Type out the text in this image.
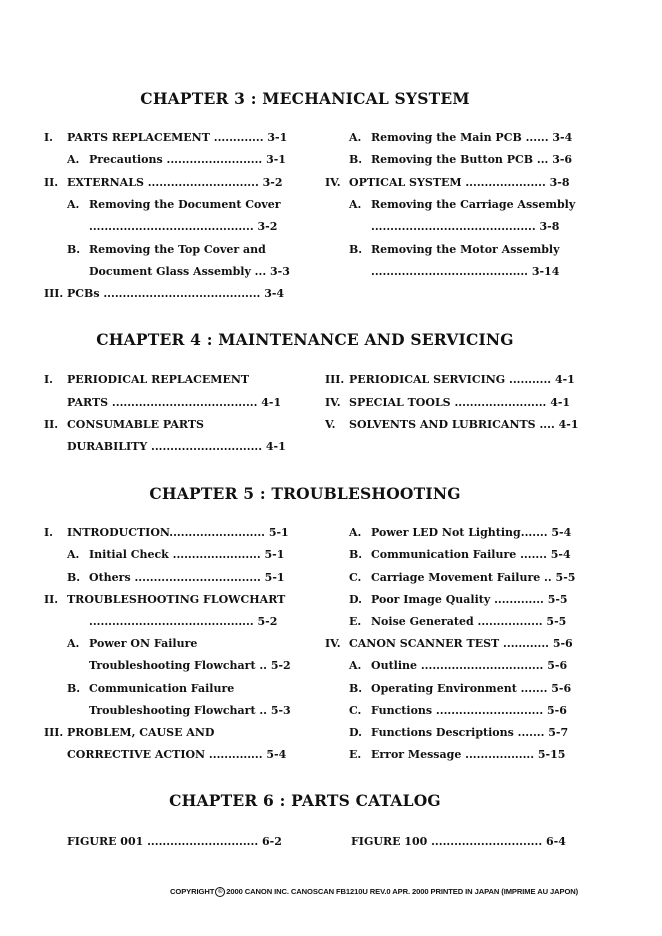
CHAPTER 3 : MECHANICAL SYSTEM
CHAPTER 4 : MAINTENANCE AND SERVICING
CHAPTER 5 : TROUBLESHOOTING
CHAPTER 6 : PARTS CATALOG
I. PARTS REPLACEMENT ............. 3-1
A. Precautions ......................... 3-1
II. EXTERNALS ............................. 3-2
A. Removing the Document Cover
........................................... 3-2
B. Removing the Top Cover and
Document Glass Assembly ... 3-3
III. PCBs ......................................... 3-4
A. Removing the Main PCB ...... 3-4
B. Removing the Button PCB ... 3-6
IV. OPTICAL SYSTEM ..................... 3-8
A. Removing the Carriage Assembly
........................................... 3-8
B. Removing the Motor Assembly
......................................... 3-14
I. PERIODICAL REPLACEMENT
PARTS ...................................... 4-1
II. CONSUMABLE PARTS
DURABILITY ............................. 4-1
III. PERIODICAL SERVICING ........... 4-1
IV. SPECIAL TOOLS ........................ 4-1
V. SOLVENTS AND LUBRICANTS .... 4-1
I. INTRODUCTION......................... 5-1
A. Initial Check ....................... 5-1
B. Others ................................. 5-1
II. TROUBLESHOOTING FLOWCHART
........................................... 5-2
A. Power ON Failure
Troubleshooting Flowchart .. 5-2
B. Communication Failure
Troubleshooting Flowchart .. 5-3
III. PROBLEM, CAUSE AND
CORRECTIVE ACTION .............. 5-4
A. Power LED Not Lighting....... 5-4
B. Communication Failure ....... 5-4
C. Carriage Movement Failure .. 5-5
D. Poor Image Quality ............. 5-5
E. Noise Generated ................. 5-5
IV. CANON SCANNER TEST ............ 5-6
A. Outline ................................ 5-6
B. Operating Environment ....... 5-6
C. Functions ............................ 5-6
D. Functions Descriptions ....... 5-7
E. Error Message .................. 5-15
FIGURE 001 ............................. 6-2	FIGURE 100 ............................. 6-4
COPYRIGHT © 2000 CANON INC. CANOSCAN FB1210U REV.0 APR. 2000 PRINTED IN JAPAN (IMPRIME AU JAPON)
